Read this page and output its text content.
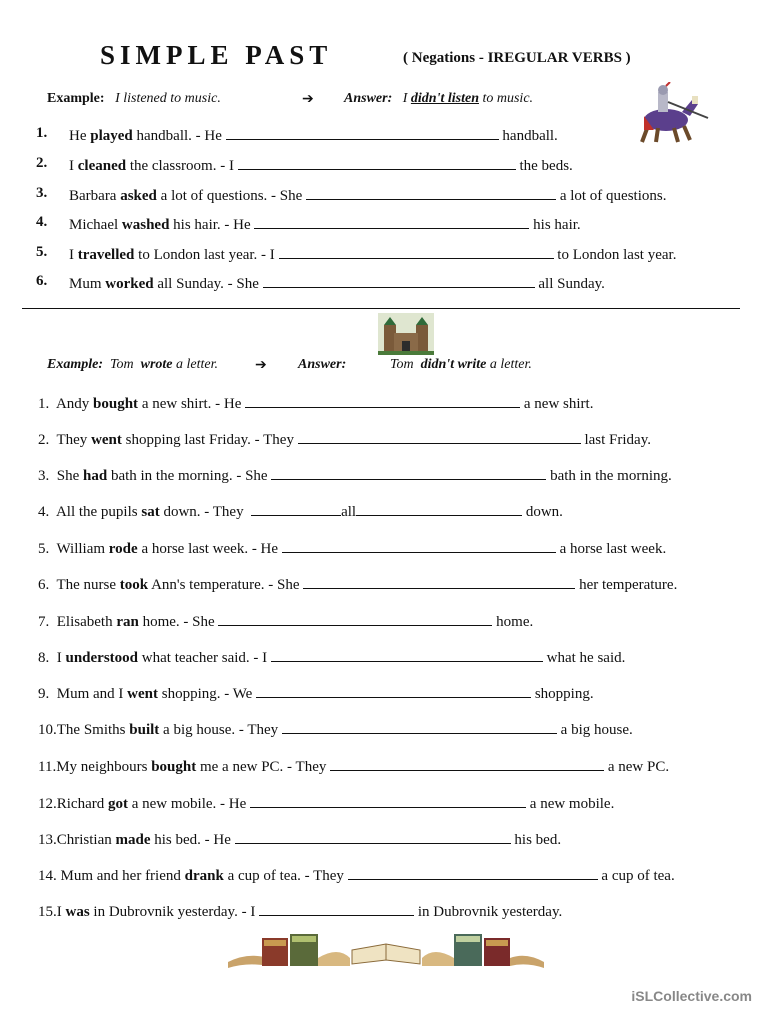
SIMPLE PAST	( Negations - IREGULAR VERBS )
Example: I listened to music.	➔ Answer: I didn't listen to music.
1.	He played handball. - He	handball.
2.	I cleaned the classroom. - I	the beds.
3.	Barbara asked a lot of questions. - She	a lot of questions.
4.	Michael washed his hair. - He	his hair.
5.	I travelled to London last year. - I	to London last year.
6.	Mum worked all Sunday. - She	all Sunday.
Example: Tom wrote a letter.	➔ Answer:	Tom didn't write a letter.
1. Andy bought a new shirt. - He	a new shirt.
2. They went shopping last Friday. - They	last Friday.
3. She had bath in the morning. - She	bath in the morning.
4. All the pupils sat down. - They	all	down.
5. William rode a horse last week. - He	a horse last week.
6. The nurse took Ann's temperature. - She	her temperature.
7. Elisabeth ran home. - She	home.
8. I understood what teacher said. - I	what he said.
9. Mum and I went shopping. - We	shopping.
10.The Smiths built a big house. - They	a big house.
11.My neighbours bought me a new PC. - They	a new PC.
12.Richard got a new mobile. - He	a new mobile.
13.Christian made his bed. - He	his bed.
14. Mum and her friend drank a cup of tea. - They	a cup of tea.
15.I was in Dubrovnik yesterday. - I	in Dubrovnik yesterday.
iSLCollective.com
